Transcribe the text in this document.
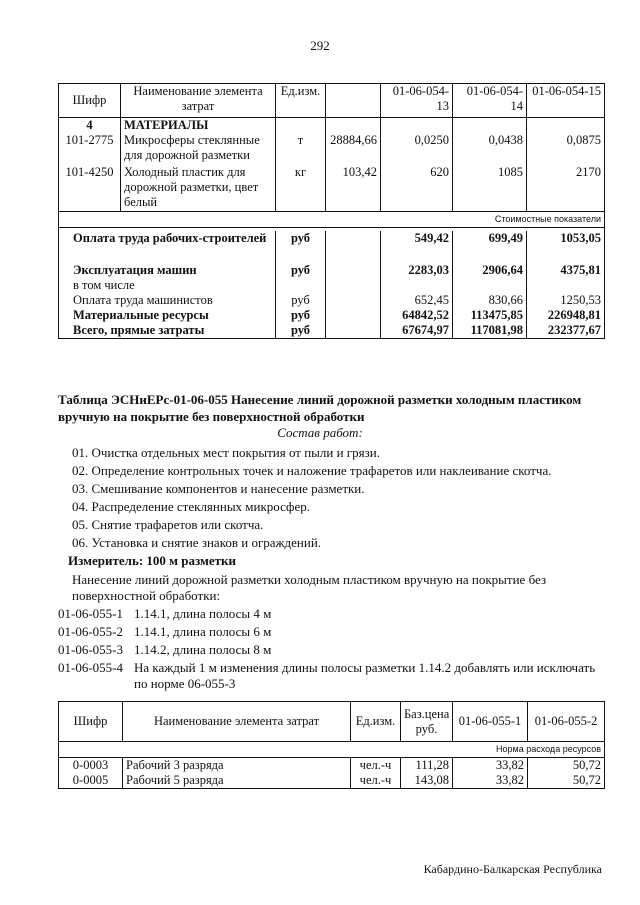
292
Шифр	Наименование элемента затрат	Ед.изм.		01-06-054-13	01-06-054-14	01-06-054-15
4	МАТЕРИАЛЫ					
101-2775	Микросферы стеклянные для дорожной разметки	т	28884,66	0,0250	0,0438	0,0875
101-4250	Холодный пластик для дорожной разметки, цвет белый	кг	103,42	620	1085	2170
Стоимостные показатели						

Оплата труда рабочих-строителей		руб		549,42	699,49	1053,05
Эксплуатация машин		руб		2283,03	2906,64	4375,81
в том числе						
Оплата труда машинистов		руб		652,45	830,66	1250,53
Материальные ресурсы		руб		64842,52	113475,85	226948,81
Всего, прямые затраты		руб		67674,97	117081,98	232377,67
Таблица ЭСНиЕРс-01-06-055 Нанесение линий дорожной разметки холодным пластиком вручную на покрытие без поверхностной обработки
Состав работ:
01. Очистка отдельных мест покрытия от пыли и грязи.
02. Определение контрольных точек и наложение трафаретов или наклеивание скотча.
03. Смешивание компонентов и нанесение разметки.
04. Распределение стеклянных микросфер.
05. Снятие трафаретов или скотча.
06. Установка и снятие знаков и ограждений.
Измеритель: 100 м разметки
Нанесение линий дорожной разметки холодным пластиком вручную на покрытие без поверхностной обработки:
01-06-055-1 1.14.1, длина полосы 4 м
01-06-055-2 1.14.1, длина полосы 6 м
01-06-055-3 1.14.2, длина полосы 8 м
01-06-055-4 На каждый 1 м изменения длины полосы разметки 1.14.2 добавлять или исключать по норме 06-055-3
Шифр	Наименование элемента затрат	Ед.изм.	Баз.цена руб.	01-06-055-1	01-06-055-2
Норма расхода ресурсов					
0-0003	Рабочий 3 разряда	чел.-ч	111,28	33,82	50,72
0-0005	Рабочий 5 разряда	чел.-ч	143,08	33,82	50,72
Кабардино-Балкарская Республика
